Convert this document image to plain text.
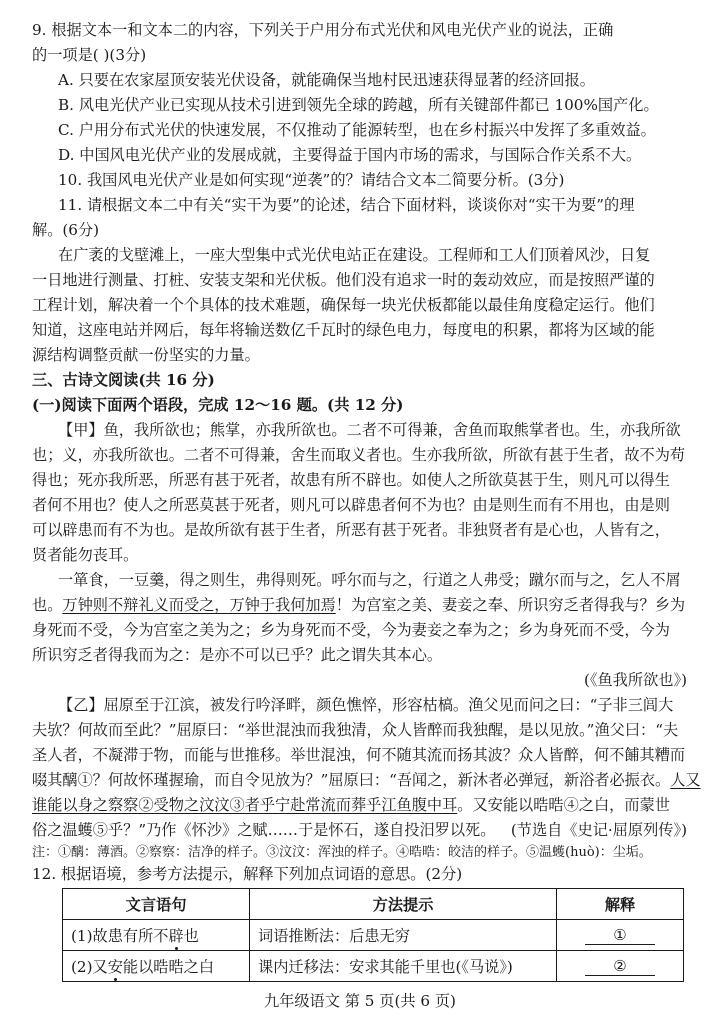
9. 根据文本一和文本二的内容，下列关于户用分布式光伏和风电光伏产业的说法，正确
的一项是( )(3分)
A. 只要在农家屋顶安装光伏设备，就能确保当地村民迅速获得显著的经济回报。
B. 风电光伏产业已实现从技术引进到领先全球的跨越，所有关键部件都已 100%国产化。
C. 户用分布式光伏的快速发展，不仅推动了能源转型，也在乡村振兴中发挥了多重效益。
D. 中国风电光伏产业的发展成就，主要得益于国内市场的需求，与国际合作关系不大。
10. 我国风电光伏产业是如何实现“逆袭”的？请结合文本二简要分析。(3分)
11. 请根据文本二中有关“实干为要”的论述，结合下面材料，谈谈你对“实干为要”的理
解。(6分)
在广袤的戈壁滩上，一座大型集中式光伏电站正在建设。工程师和工人们顶着风沙，日复
一日地进行测量、打桩、安装支架和光伏板。他们没有追求一时的轰动效应，而是按照严谨的
工程计划，解决着一个个具体的技术难题，确保每一块光伏板都能以最佳角度稳定运行。他们
知道，这座电站并网后，每年将输送数亿千瓦时的绿色电力，每度电的积累，都将为区域的能
源结构调整贡献一份坚实的力量。
三、古诗文阅读(共 16 分)
(一)阅读下面两个语段，完成 12～16 题。(共 12 分)
【甲】鱼，我所欲也；熊掌，亦我所欲也。二者不可得兼，舍鱼而取熊掌者也。生，亦我所欲
也；义，亦我所欲也。二者不可得兼，舍生而取义者也。生亦我所欲，所欲有甚于生者，故不为苟
得也；死亦我所恶，所恶有甚于死者，故患有所不辟也。如使人之所欲莫甚于生，则凡可以得生
者何不用也？使人之所恶莫甚于死者，则凡可以辟患者何不为也？由是则生而有不用也，由是则
可以辟患而有不为也。是故所欲有甚于生者，所恶有甚于死者。非独贤者有是心也，人皆有之，
贤者能勿丧耳。
一箪食，一豆羹，得之则生，弗得则死。呼尔而与之，行道之人弗受；蹴尔而与之，乞人不屑
也。万钟则不辩礼义而受之，万钟于我何加焉！为宫室之美、妻妾之奉、所识穷乏者得我与？乡为
身死而不受，今为宫室之美为之；乡为身死而不受，今为妻妾之奉为之；乡为身死而不受，今为
所识穷乏者得我而为之：是亦不可以已乎？此之谓失其本心。
(《鱼我所欲也》)
【乙】屈原至于江滨，被发行吟泽畔，颜色憔悴，形容枯槁。渔父见而问之曰：“子非三闾大
夫欤？何故而至此？”屈原曰：“举世混浊而我独清，众人皆醉而我独醒，是以见放。”渔父曰：“夫
圣人者，不凝滞于物，而能与世推移。举世混浊，何不随其流而扬其波？众人皆醉，何不餔其糟而
啜其醨①？何故怀瑾握瑜，而自令见放为？”屈原曰：“吾闻之，新沐者必弹冠，新浴者必振衣。人又
谁能以身之察察②受物之汶汶③者乎宁赴常流而葬乎江鱼腹中耳。又安能以晧晧④之白，而蒙世
俗之温蠖⑤乎？”乃作《怀沙》之赋……于是怀石，遂自投汨罗以死。	(节选自《史记·屈原列传》)
九年级语文 第 5 页(共 6 页)
注：①醨：薄酒。②察察：洁净的样子。③汶汶：浑浊的样子。④晧晧：皎洁的样子。⑤温蠖(huò)：尘垢。
12. 根据语境，参考方法提示，解释下列加点词语的意思。(2分)
文言语句	方法提示	解释
(1)故患有所不辟也	词语推断法：后患无穷	①
(2)又安能以晧晧之白	课内迁移法：安求其能千里也(《马说》)	②
